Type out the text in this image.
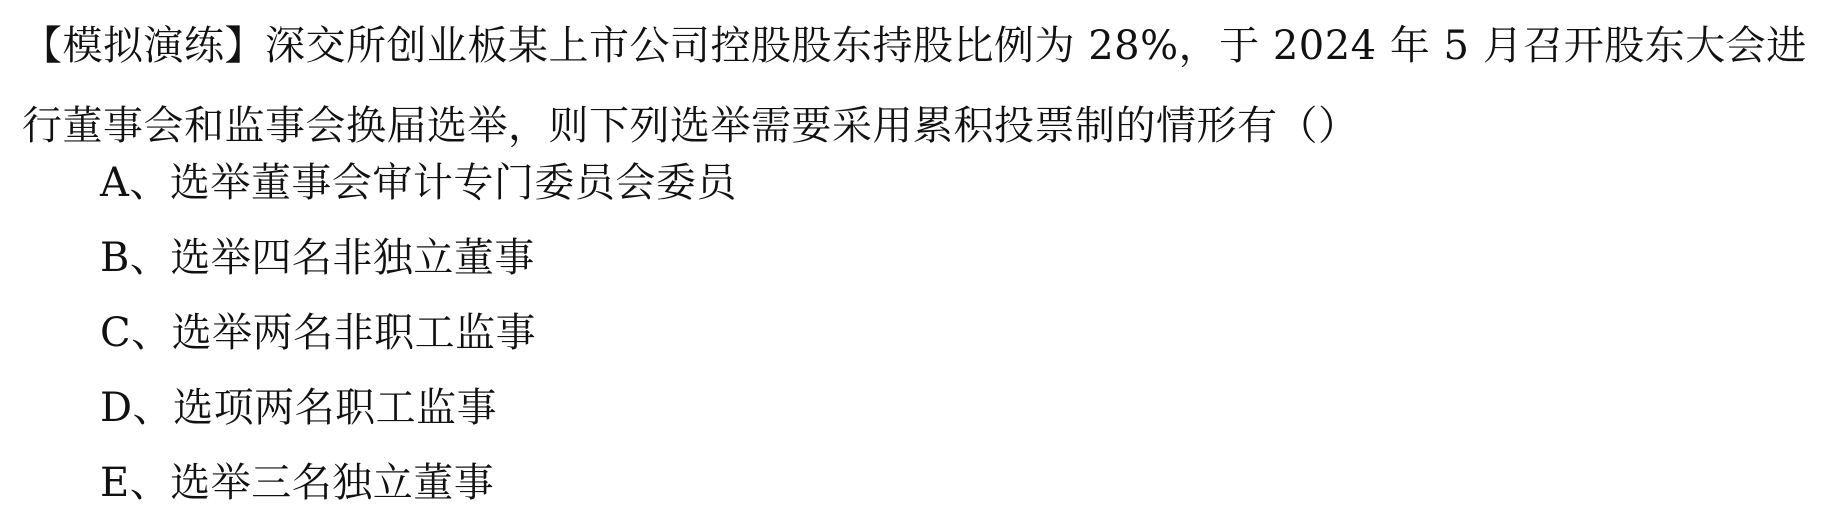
【模拟演练】深交所创业板某上市公司控股股东持股比例为 28%，于 2024 年 5 月召开股东大会进
行董事会和监事会换届选举，则下列选举需要采用累积投票制的情形有（）
A、选举董事会审计专门委员会委员
B、选举四名非独立董事
C、选举两名非职工监事
D、选项两名职工监事
E、选举三名独立董事
